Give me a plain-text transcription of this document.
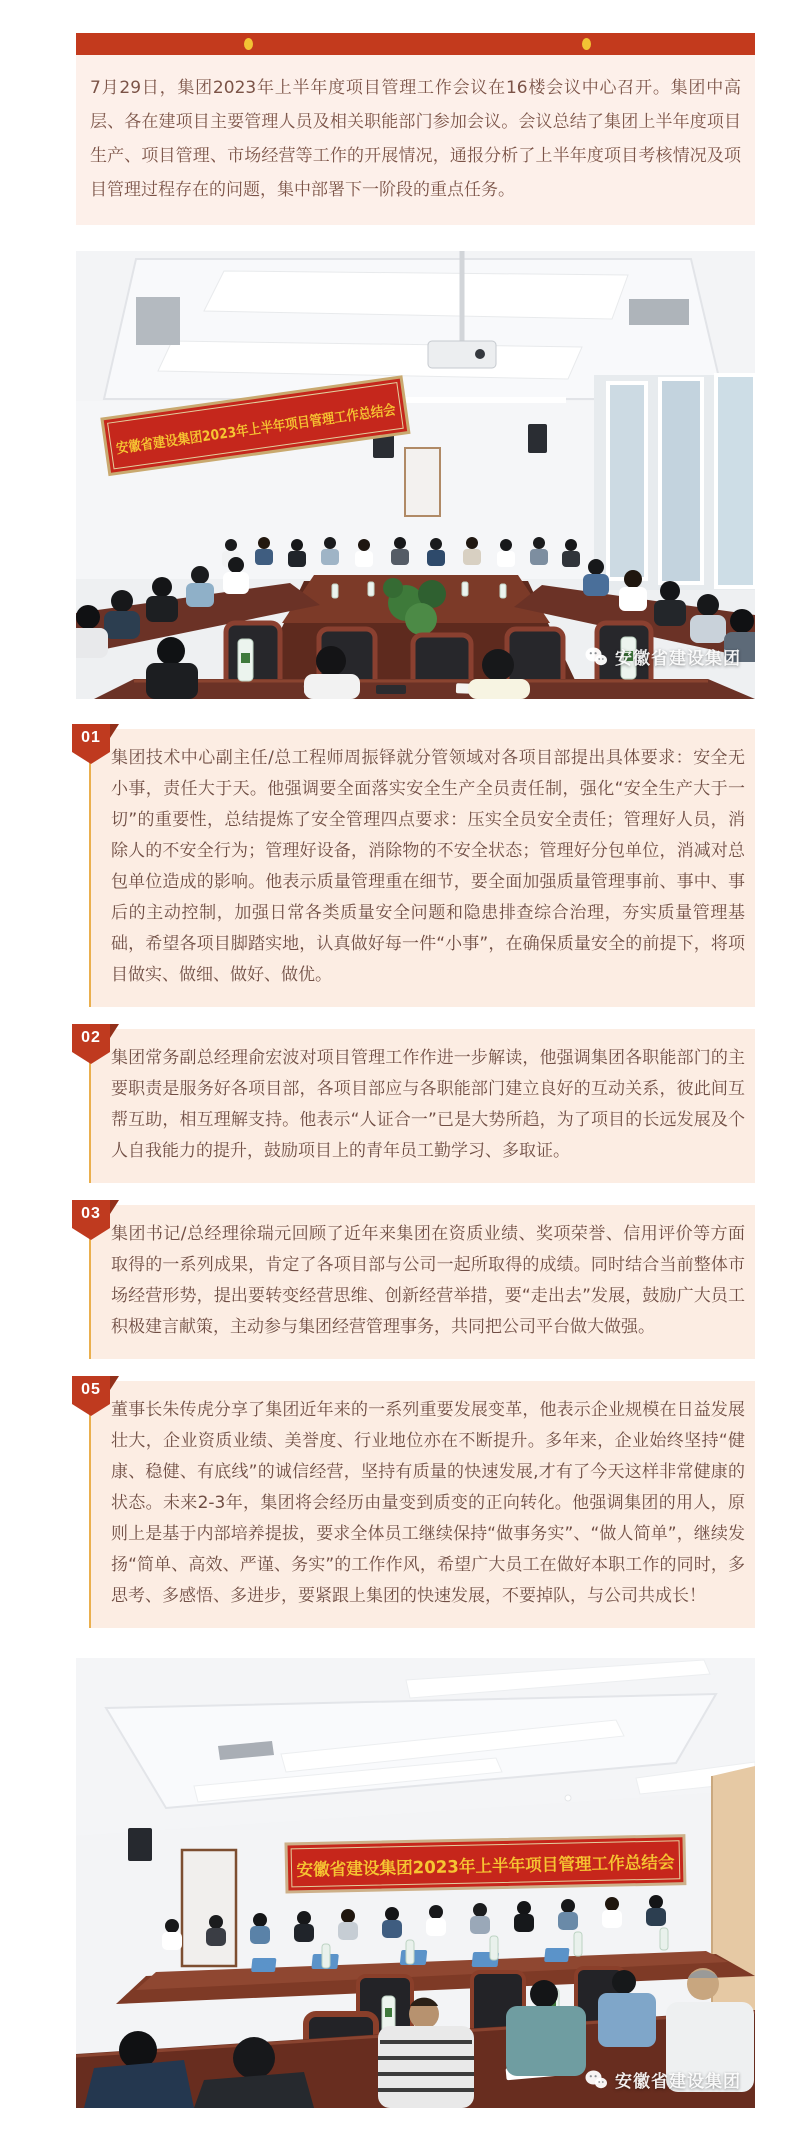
7月29日，集团2023年上半年度项目管理工作会议在16楼会议中心召开。集团中高层、各在建项目主要管理人员及相关职能部门参加会议。会议总结了集团上半年度项目生产、项目管理、市场经营等工作的开展情况，通报分析了上半年度项目考核情况及项目管理过程存在的问题，集中部署下一阶段的重点任务。

安徽省建设集团2023年上半年项目管理工作总结会
安徽省建设集团
01

集团技术中心副主任/总工程师周振铎就分管领域对各项目部提出具体要求：安全无小事，责任大于天。他强调要全面落实安全生产全员责任制，强化“安全生产大于一切”的重要性，总结提炼了安全管理四点要求：压实全员安全责任；管理好人员，消除人的不安全行为；管理好设备，消除物的不安全状态；管理好分包单位，消减对总包单位造成的影响。他表示质量管理重在细节，要全面加强质量管理事前、事中、事后的主动控制，加强日常各类质量安全问题和隐患排查综合治理，夯实质量管理基础，希望各项目脚踏实地，认真做好每一件“小事”，在确保质量安全的前提下，将项目做实、做细、做好、做优。

02

集团常务副总经理俞宏波对项目管理工作作进一步解读，他强调集团各职能部门的主要职责是服务好各项目部，各项目部应与各职能部门建立良好的互动关系，彼此间互帮互助，相互理解支持。他表示“人证合一”已是大势所趋，为了项目的长远发展及个人自我能力的提升，鼓励项目上的青年员工勤学习、多取证。

03

集团书记/总经理徐瑞元回顾了近年来集团在资质业绩、奖项荣誉、信用评价等方面取得的一系列成果，肯定了各项目部与公司一起所取得的成绩。同时结合当前整体市场经营形势，提出要转变经营思维、创新经营举措，要“走出去”发展，鼓励广大员工积极建言献策，主动参与集团经营管理事务，共同把公司平台做大做强。

05

董事长朱传虎分享了集团近年来的一系列重要发展变革，他表示企业规模在日益发展壮大，企业资质业绩、美誉度、行业地位亦在不断提升。多年来，企业始终坚持“健康、稳健、有底线”的诚信经营，坚持有质量的快速发展,才有了今天这样非常健康的状态。未来2-3年，集团将会经历由量变到质变的正向转化。他强调集团的用人，原则上是基于内部培养提拔，要求全体员工继续保持“做事务实”、“做人简单”，继续发扬“简单、高效、严谨、务实”的工作作风，希望广大员工在做好本职工作的同时，多思考、多感悟、多进步，要紧跟上集团的快速发展，不要掉队，与公司共成长！

安徽省建设集团2023年上半年项目管理工作总结会
安徽省建设集团
